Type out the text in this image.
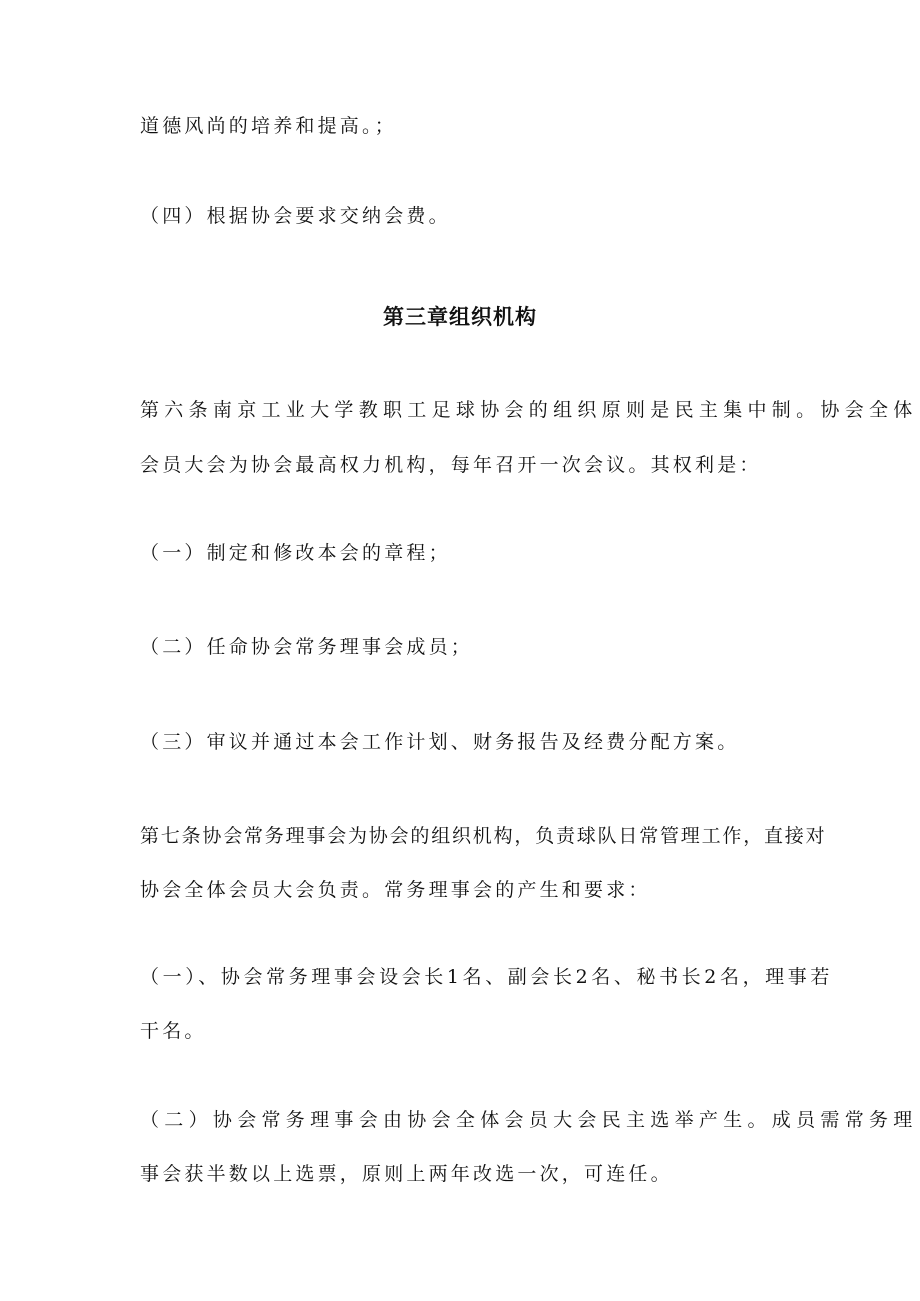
道德风尚的培养和提高。；
（四）根据协会要求交纳会费。
第三章组织机构
第六条南京工业大学教职工足球协会的组织原则是民主集中制。协会全体
会员大会为协会最高权力机构，每年召开一次会议。其权利是：
（一）制定和修改本会的章程；
（二）任命协会常务理事会成员；
（三）审议并通过本会工作计划、财务报告及经费分配方案。
第七条协会常务理事会为协会的组织机构，负责球队日常管理工作，直接对
协会全体会员大会负责。常务理事会的产生和要求：
（一）、协会常务理事会设会长1名、副会长2名、秘书长2名，理事若
干名。
（二）协会常务理事会由协会全体会员大会民主选举产生。成员需常务理
事会获半数以上选票，原则上两年改选一次，可连任。
